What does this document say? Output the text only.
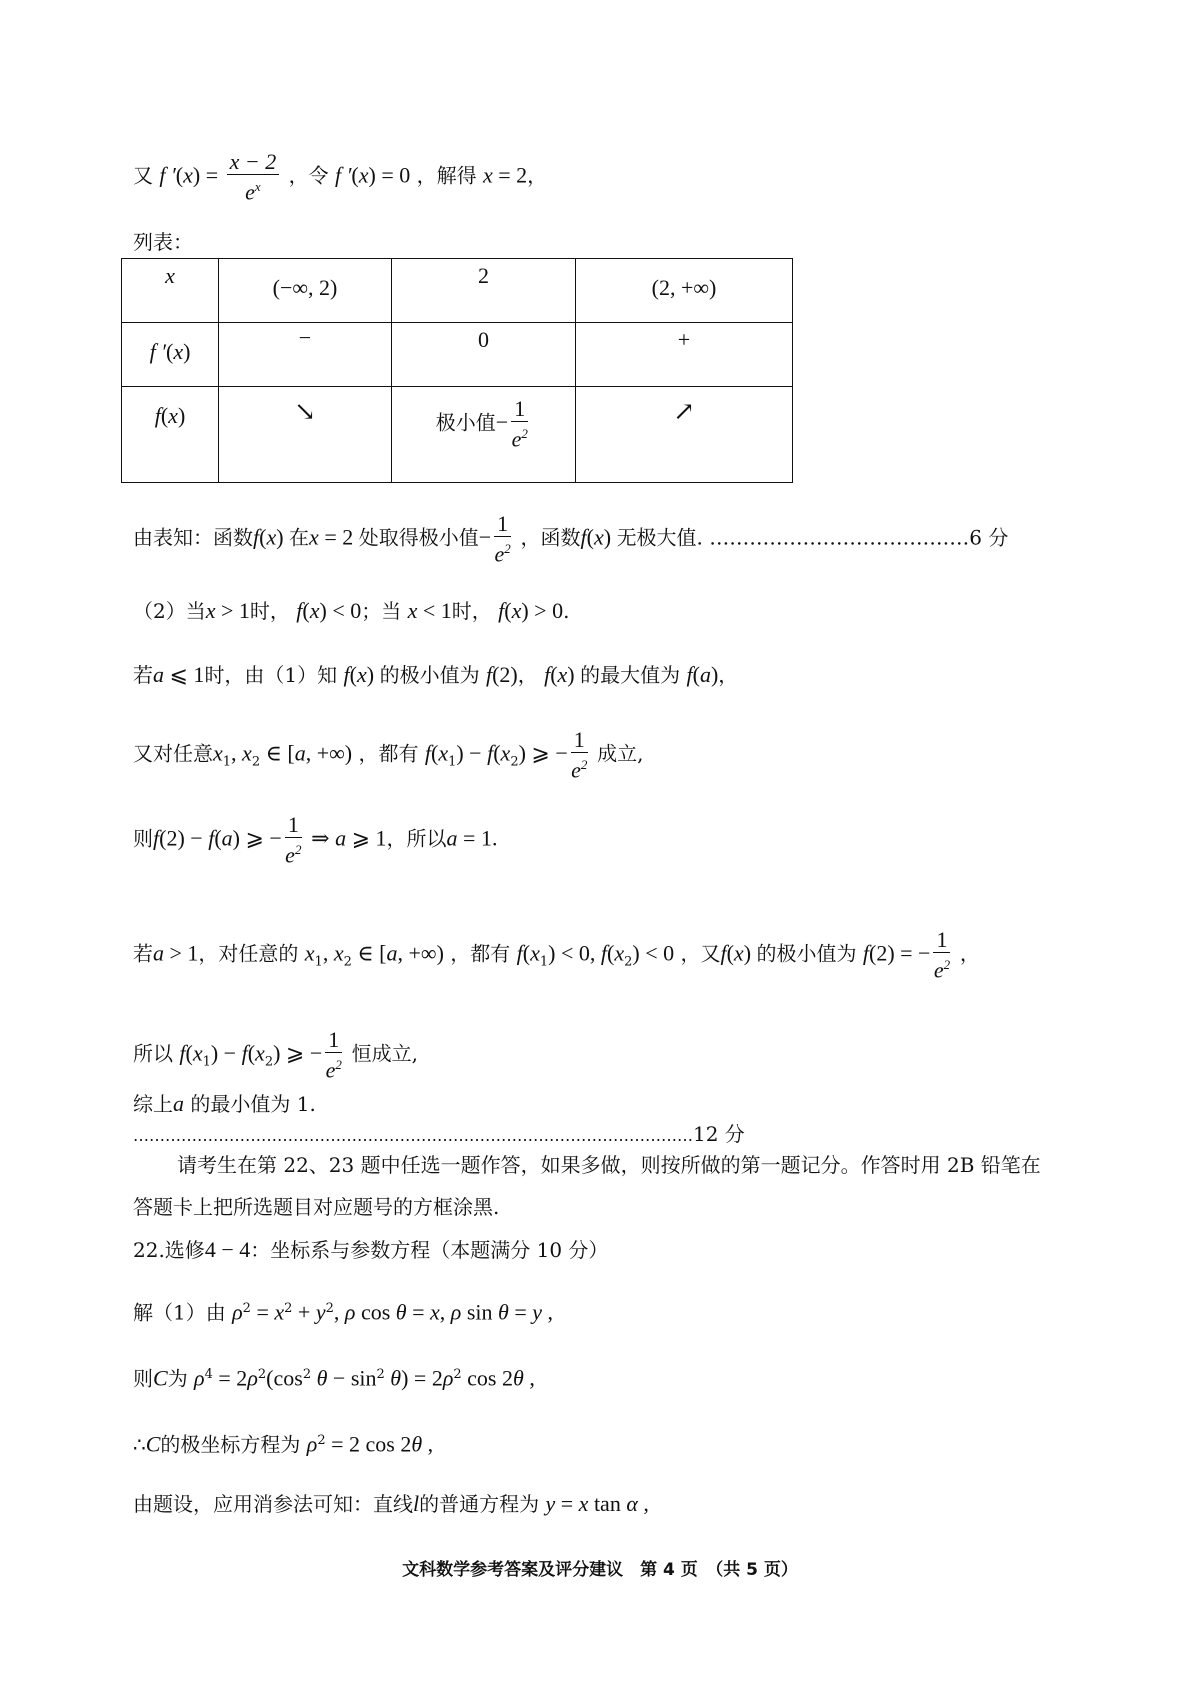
又 f $'(x) = \frac{x - 2}{e^x}$ ，令 f ′(x) = 0 ，解得 x = 2，
列表：
x	(−∞, 2)	2	(2, +∞)

f ′(x)	−	0	+

f(x)	↘	极小值− $\frac{1}{e^2}$	↗
由表知：函数f(x) 在x = 2 处取得极小值− $\frac{1}{e^2}$ ，函数f(x) 无极大值. …………………………………6 分
（2）当x > 1时， f(x) < 0；当 x < 1时， f(x) > 0.
若a ⩽ 1时，由（1）知 f(x) 的极小值为 f(2)， f(x) 的最大值为 f(a)，
又对任意$x_1$, $x_2$ ∈ [a, +∞) ，都有 $f(x_1) - f(x_2)$ ⩾ − $\frac{1}{e^2}$ 成立,
则f(2) − f(a) ⩾ − $\frac{1}{e^2}$ ⇒ a ⩾ 1，所以a = 1.
若a > 1，对任意的 $x_1$, $x_2$ ∈ [a, +∞) ，都有 $f(x_1) < 0$, $f(x_2) < 0$ ，又f(x) 的极小值为 f(2) = − $\frac{1}{e^2}$ ，
所以 $f(x_1) - f(x_2)$ ⩾ − $\frac{1}{e^2}$ 恒成立,
综上a 的最小值为 1.
……………………………………………………………………………………………12 分
请考生在第 22、23 题中任选一题作答，如果多做，则按所做的第一题记分。作答时用 2B 铅笔在
答题卡上把所选题目对应题号的方框涂黑.
22.选修4 − 4：坐标系与参数方程（本题满分 10 分）
解（1）由 $\rho^2 = x^2 + y^2$, ρ cos θ = x, ρ sin θ = y ,
则C为 $\rho^4 = 2\rho^2(\cos^2$ $\theta - \sin^2 \theta) = 2\rho^2$ cos 2θ ,
∴C的极坐标方程为 $\rho^2 = 2$ cos 2θ ,
由题设，应用消参法可知：直线l的普通方程为 y = x tan α ,
文科数学参考答案及评分建议　第 4 页　（共 5 页）
